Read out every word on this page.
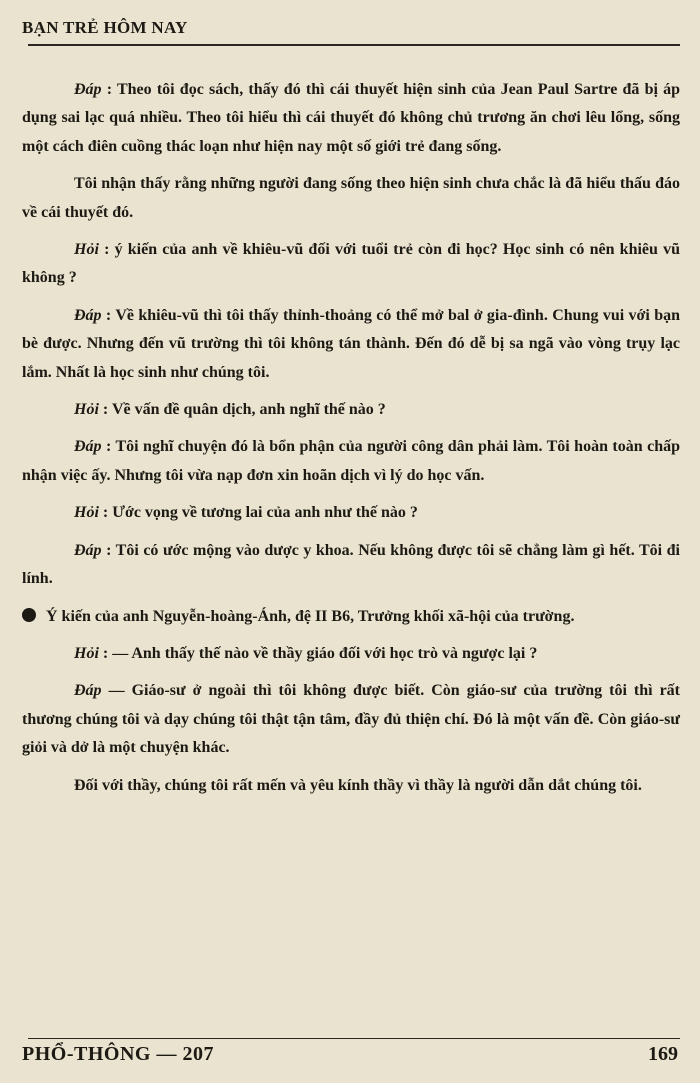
BẠN TRẺ HÔM NAY

Đáp : Theo tôi đọc sách, thấy đó thì cái thuyết hiện sinh của Jean Paul Sartre đã bị áp dụng sai lạc quá nhiều. Theo tôi hiểu thì cái thuyết đó không chủ trương ăn chơi lêu lổng, sống một cách điên cuồng thác loạn như hiện nay một số giới trẻ đang sống.

Tôi nhận thấy rằng những người đang sống theo hiện sinh chưa chắc là đã hiểu thấu đáo về cái thuyết đó.

Hỏi : ý kiến của anh về khiêu-vũ đối với tuổi trẻ còn đi học? Học sinh có nên khiêu vũ không ?

Đáp : Về khiêu-vũ thì tôi thấy thỉnh-thoảng có thể mở bal ở gia-đình. Chung vui với bạn bè được. Nhưng đến vũ trường thì tôi không tán thành. Đến đó dễ bị sa ngã vào vòng trụy lạc lắm. Nhất là học sinh như chúng tôi.

Hỏi : Về vấn đề quân dịch, anh nghĩ thế nào ?

Đáp : Tôi nghĩ chuyện đó là bổn phận của người công dân phải làm. Tôi hoàn toàn chấp nhận việc ấy. Nhưng tôi vừa nạp đơn xin hoãn dịch vì lý do học vấn.

Hỏi : Ước vọng về tương lai của anh như thế nào ?

Đáp : Tôi có ước mộng vào dược y khoa. Nếu không được tôi sẽ chẳng làm gì hết. Tôi đi lính.

Ý kiến của anh Nguyễn-hoàng-Ánh, đệ II B6, Trưởng khối xã-hội của trường.

Hỏi : — Anh thấy thế nào về thầy giáo đối với học trò và ngược lại ?

Đáp — Giáo-sư ở ngoài thì tôi không được biết. Còn giáo-sư của trường tôi thì rất thương chúng tôi và dạy chúng tôi thật tận tâm, đầy đủ thiện chí. Đó là một vấn đề. Còn giáo-sư giỏi và dở là một chuyện khác.

Đối với thầy, chúng tôi rất mến và yêu kính thầy vì thầy là người dẫn dắt chúng tôi.

PHỔ-THÔNG — 207	169
